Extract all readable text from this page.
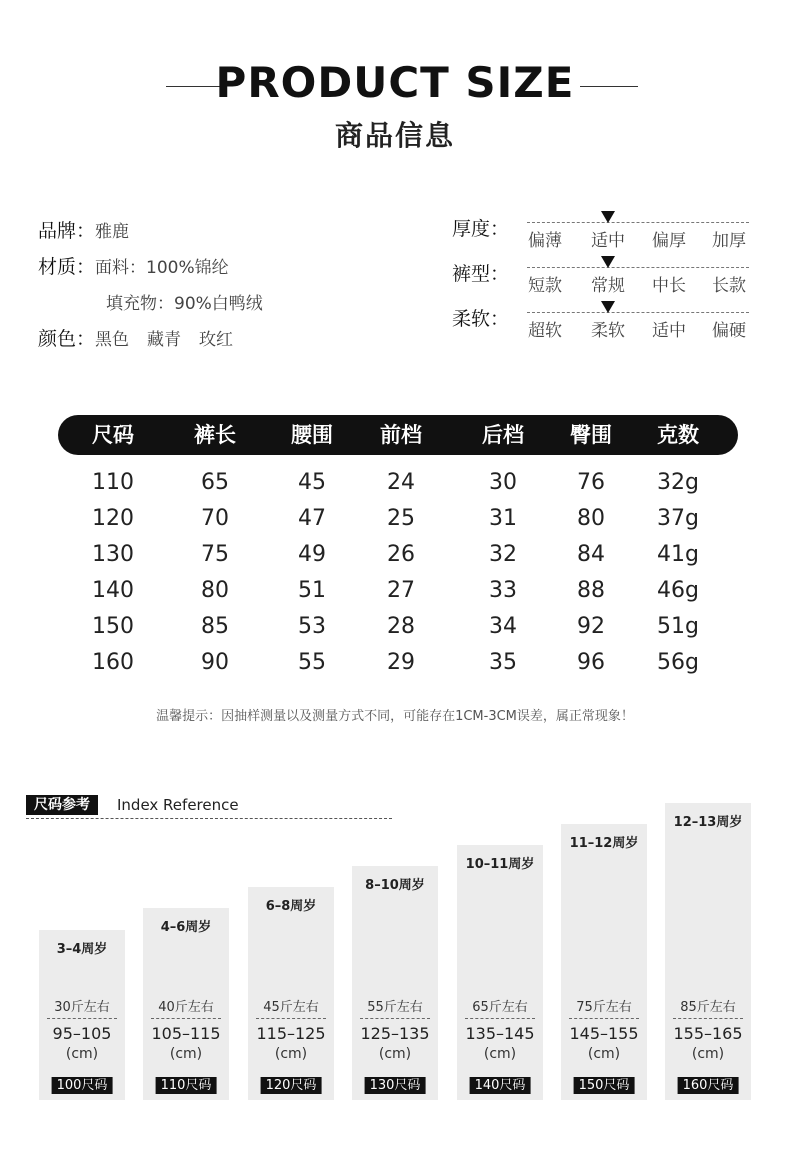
PRODUCT SIZE
商品信息
品牌：雅鹿
材质：面料：100%锦纶
填充物：90%白鸭绒
颜色：黑色 藏青 玫红
厚度：
偏薄	适中	偏厚	加厚
裤型：
短款	常规	中长	长款
柔软：
超软	柔软	适中	偏硬
尺码	裤长	腰围	前档	后档	臀围	克数
110	65	45	24	30	76	32g
120	70	47	25	31	80	37g
130	75	49	26	32	84	41g
140	80	51	27	33	88	46g
150	85	53	28	34	92	51g
160	90	55	29	35	96	56g
温馨提示：因抽样测量以及测量方式不同，可能存在1CM-3CM误差，属正常现象！
尺码参考	Index Reference
3–4周岁
30斤左右
95–105
(cm)
100尺码
4–6周岁
40斤左右
105–115
(cm)
110尺码
6–8周岁
45斤左右
115–125
(cm)
120尺码
8–10周岁
55斤左右
125–135
(cm)
130尺码
10–11周岁
65斤左右
135–145
(cm)
140尺码
11–12周岁
75斤左右
145–155
(cm)
150尺码
12–13周岁
85斤左右
155–165
(cm)
160尺码
